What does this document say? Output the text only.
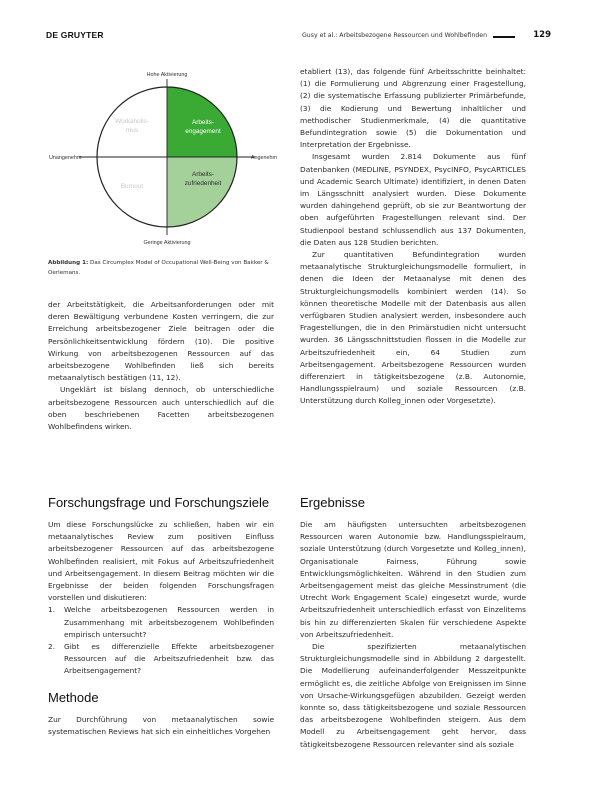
DE GRUYTER	Gusy et al.: Arbeitsbezogene Ressourcen und Wohlbefinden	129
Hohe Aktivierung
Geringe Aktivierung
Unangenehm	Angenehm
Workaholis-
mus
Arbeits-
engagement
Burnout
Arbeits-
zufriedenheit
Abbildung 1: Das Circumplex Model of Occupational Well-Being von Bakker & Oerlemans.

der Arbeitstätigkeit, die Arbeitsanforderungen oder mit deren Bewältigung verbundene Kosten verringern, die zur Erreichung arbeitsbezogener Ziele beitragen oder die Persönlichkeitsentwicklung fördern (10). Die positive Wirkung von arbeitsbezogenen Ressourcen auf das arbeitsbezogene Wohlbefinden ließ sich bereits metaanalytisch bestätigen (11, 12).

Ungeklärt ist bislang dennoch, ob unterschiedliche arbeitsbezogene Ressourcen auch unterschiedlich auf die oben beschriebenen Facetten arbeitsbezogenen Wohlbefindens wirken.

Forschungsfrage und Forschungsziele

Um diese Forschungslücke zu schließen, haben wir ein metaanalytisches Review zum positiven Einfluss arbeitsbezogener Ressourcen auf das arbeitsbezogene Wohlbefinden realisiert, mit Fokus auf Arbeitszufriedenheit und Arbeitsengagement. In diesem Beitrag möchten wir die Ergebnisse der beiden folgenden Forschungsfragen vorstellen und diskutieren:

1. Welche arbeitsbezogenen Ressourcen werden in Zusammenhang mit arbeitsbezogenem Wohlbefinden empirisch untersucht?
2. Gibt es differenzielle Effekte arbeitsbezogener Ressourcen auf die Arbeitszufriedenheit bzw. das Arbeitsengagement?
Methode

Zur Durchführung von metaanalytischen sowie systematischen Reviews hat sich ein einheitliches Vorgehen

etabliert (13), das folgende fünf Arbeitsschritte beinhaltet: (1) die Formulierung und Abgrenzung einer Fragestellung, (2) die systematische Erfassung publizierter Primärbefunde, (3) die Kodierung und Bewertung inhaltlicher und methodischer Studienmerkmale, (4) die quantitative Befundintegration sowie (5) die Dokumentation und Interpretation der Ergebnisse.

Insgesamt wurden 2.814 Dokumente aus fünf Datenbanken (MEDLINE, PSYNDEX, PsycINFO, PsycARTICLES und Academic Search Ultimate) identifiziert, in denen Daten im Längsschnitt analysiert wurden. Diese Dokumente wurden dahingehend geprüft, ob sie zur Beantwortung der oben aufgeführten Fragestellungen relevant sind. Der Studienpool bestand schlussendlich aus 137 Dokumenten, die Daten aus 128 Studien berichten.

Zur quantitativen Befundintegration wurden metaanalytische Strukturgleichungsmodelle formuliert, in denen die Ideen der Metaanalyse mit denen des Strukturgleichungsmodells kombiniert werden (14). So können theoretische Modelle mit der Datenbasis aus allen verfügbaren Studien analysiert werden, insbesondere auch Fragestellungen, die in den Primärstudien nicht untersucht wurden. 36 Längsschnittstudien flossen in die Modelle zur Arbeitszufriedenheit ein, 64 Studien zum Arbeitsengagement. Arbeitsbezogene Ressourcen wurden differenziert in tätigkeitsbezogene (z.B. Autonomie, Handlungsspielraum) und soziale Ressourcen (z.B. Unterstützung durch Kolleg_innen oder Vorgesetzte).

Ergebnisse

Die am häufigsten untersuchten arbeitsbezogenen Ressourcen waren Autonomie bzw. Handlungsspielraum, soziale Unterstützung (durch Vorgesetzte und Kolleg_innen), Organisationale Fairness, Führung sowie Entwicklungsmöglichkeiten. Während in den Studien zum Arbeitsengagement meist das gleiche Messinstrument (die Utrecht Work Engagement Scale) eingesetzt wurde, wurde Arbeitszufriedenheit unterschiedlich erfasst von Einzelitems bis hin zu differenzierten Skalen für verschiedene Aspekte von Arbeitszufriedenheit.

Die spezifizierten metaanalytischen Strukturgleichungsmodelle sind in Abbildung 2 dargestellt. Die Modellierung aufeinanderfolgender Messzeitpunkte ermöglicht es, die zeitliche Abfolge von Ereignissen im Sinne von Ursache-Wirkungsgefügen abzubilden. Gezeigt werden konnte so, dass tätigkeitsbezogene und soziale Ressourcen das arbeitsbezogene Wohlbefinden steigern. Aus dem Modell zu Arbeitsengagement geht hervor, dass tätigkeitsbezogene Ressourcen relevanter sind als soziale
